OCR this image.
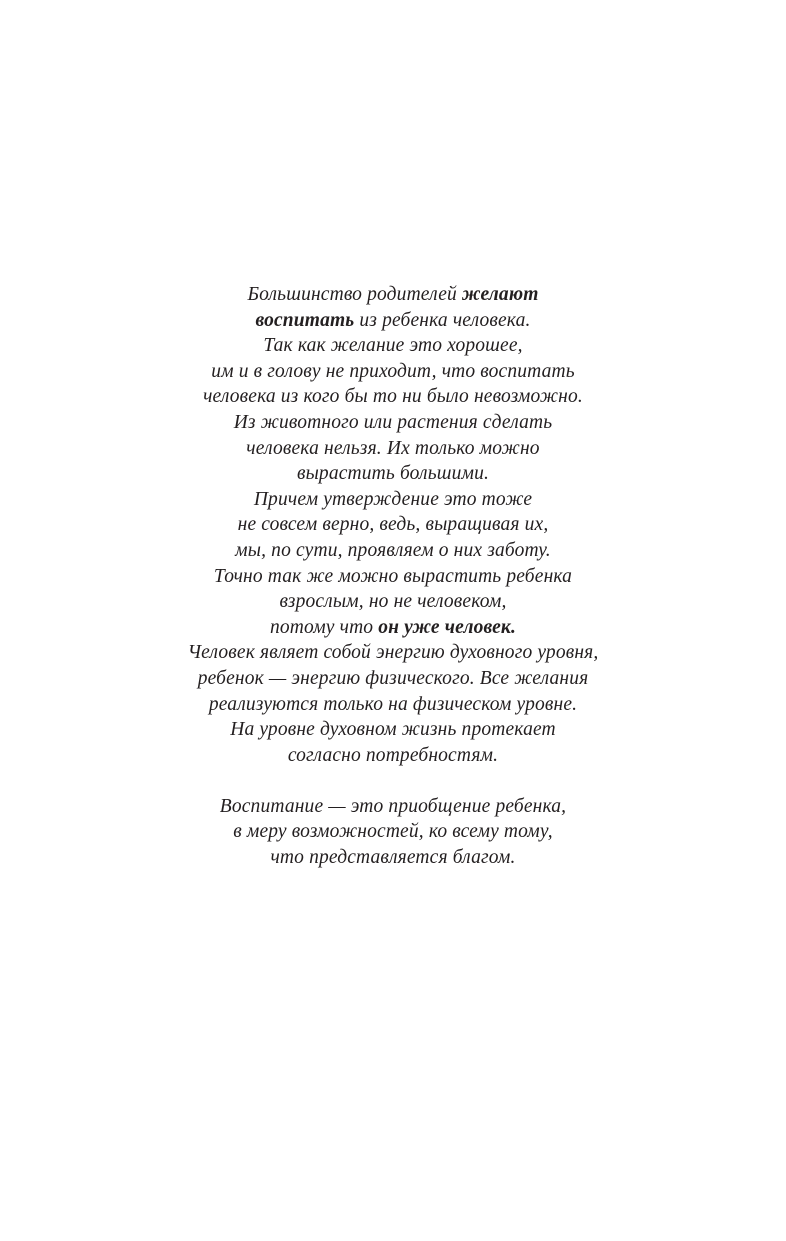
Большинство родителей желают
воспитать из ребенка человека.
Так как желание это хорошее,
им и в голову не приходит, что воспитать
человека из кого бы то ни было невозможно.
Из животного или растения сделать
человека нельзя. Их только можно
вырастить большими.
Причем утверждение это тоже
не совсем верно, ведь, выращивая их,
мы, по сути, проявляем о них заботу.
Точно так же можно вырастить ребенка
взрослым, но не человеком,
потому что он уже человек.
Человек являет собой энергию духовного уровня,
ребенок — энергию физического. Все желания
реализуются только на физическом уровне.
На уровне духовном жизнь протекает
согласно потребностям.

Воспитание — это приобщение ребенка,
в меру возможностей, ко всему тому,
что представляется благом.
